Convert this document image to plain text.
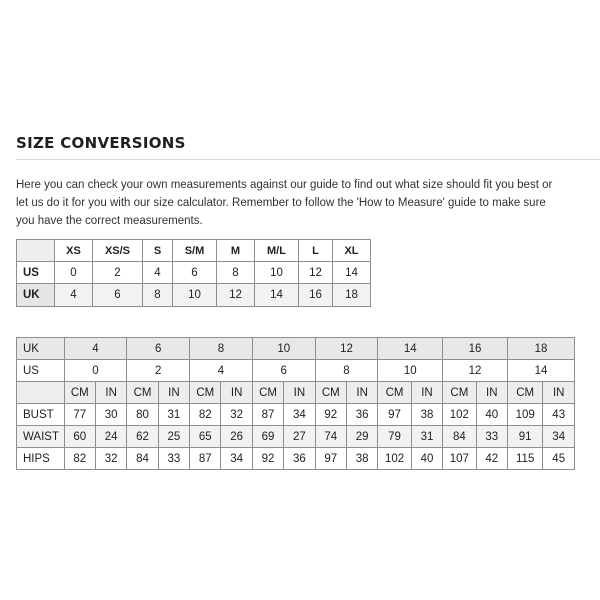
SIZE CONVERSIONS

Here you can check your own measurements against our guide to find out what size should fit you best or

let us do it for you with our size calculator. Remember to follow the 'How to Measure' guide to make sure

you have the correct measurements.

	XS	XS/S	S	S/M	M	M/L	L	XL
US	0	2	4	6	8	10	12	14
UK	4	6	8	10	12	14	16	18
UK	4		6		8		10		12		14		16		18	
US	0		2		4		6		8		10		12		14	
	CM	IN	CM	IN	CM	IN	CM	IN	CM	IN	CM	IN	CM	IN	CM	IN
BUST	77	30	80	31	82	32	87	34	92	36	97	38	102	40	109	43
WAIST	60	24	62	25	65	26	69	27	74	29	79	31	84	33	91	34
HIPS	82	32	84	33	87	34	92	36	97	38	102	40	107	42	115	45
